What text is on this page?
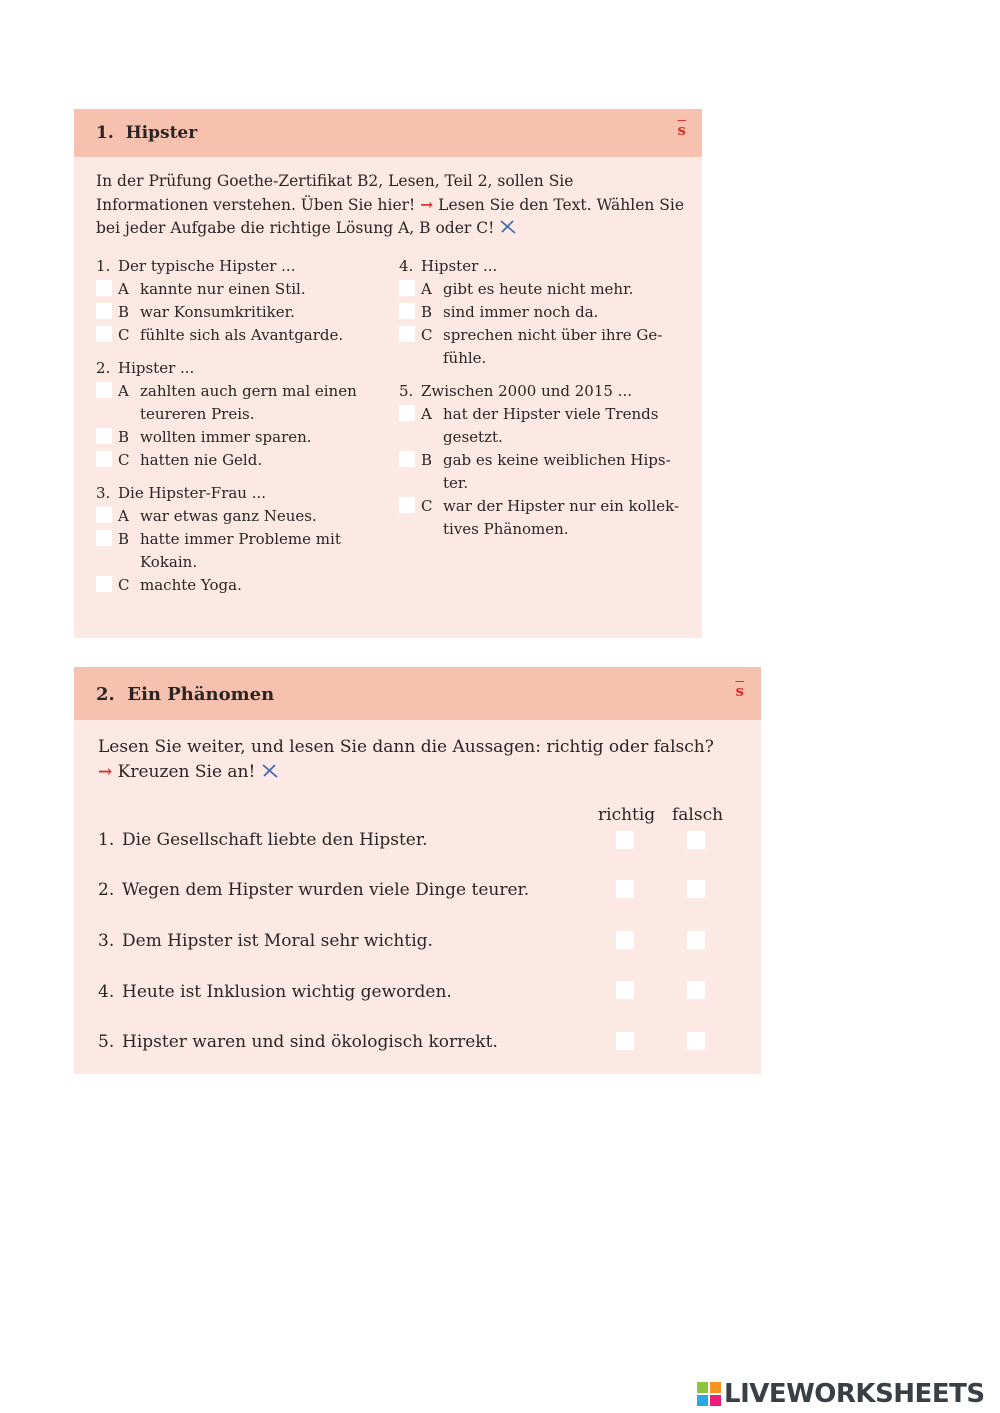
1. Hipster	$\overline{s}$
In der Prüfung Goethe-Zertifikat B2, Lesen, Teil 2, sollen Sie Informationen verstehen. Üben Sie hier! → Lesen Sie den Text. Wählen Sie bei jeder Aufgabe die richtige Lösung A, B oder C!
1. Der typische Hipster ...
A kannte nur einen Stil.
B war Konsumkritiker.
C fühlte sich als Avantgarde.
2. Hipster ...
A zahlten auch gern mal einen teureren Preis.
B wollten immer sparen.
C hatten nie Geld.
3. Die Hipster-Frau ...
A war etwas ganz Neues.
B hatte immer Probleme mit Kokain.
C machte Yoga.
4. Hipster ...
A gibt es heute nicht mehr.
B sind immer noch da.
C sprechen nicht über ihre Ge-fühle.
5. Zwischen 2000 und 2015 ...
A hat der Hipster viele Trends gesetzt.
B gab es keine weiblichen Hips-ter.
C war der Hipster nur ein kollek-tives Phänomen.
2. Ein Phänomen	$\overline{s}$
Lesen Sie weiter, und lesen Sie dann die Aussagen: richtig oder falsch?
→ Kreuzen Sie an!
richtig falsch
1. Die Gesellschaft liebte den Hipster.
2. Wegen dem Hipster wurden viele Dinge teurer.
3. Dem Hipster ist Moral sehr wichtig.
4. Heute ist Inklusion wichtig geworden.
5. Hipster waren und sind ökologisch korrekt.
LIVEWORKSHEETS
